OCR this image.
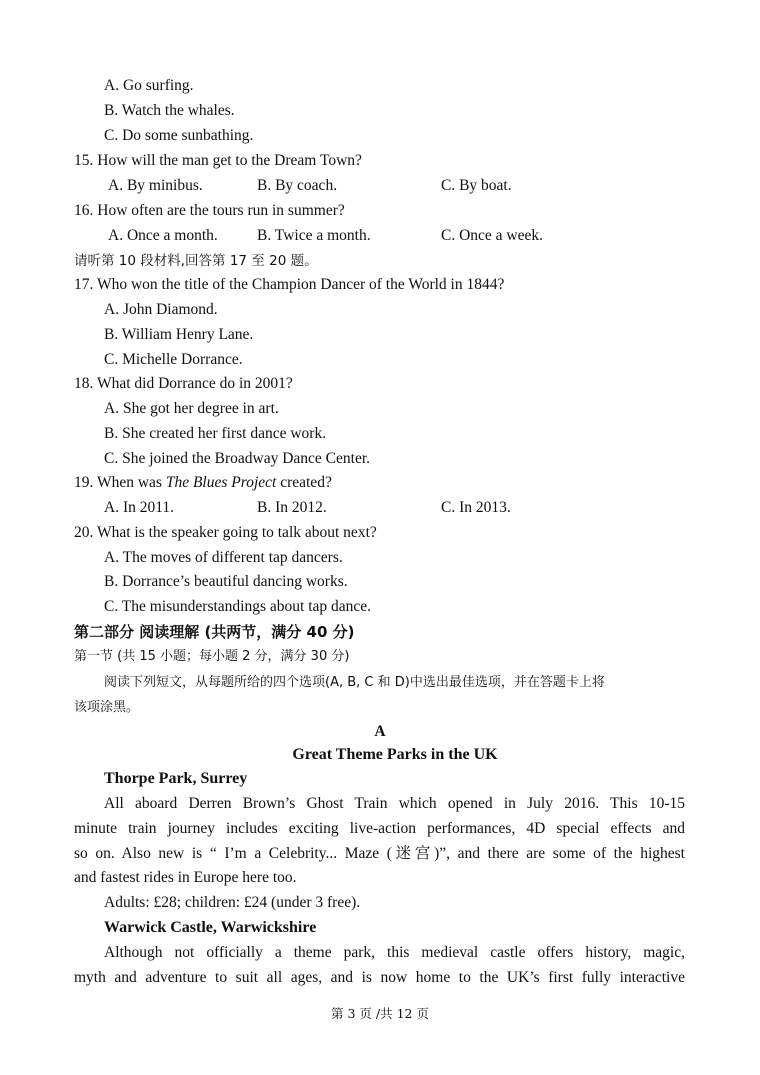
A. Go surfing.
B. Watch the whales.
C. Do some sunbathing.
15. How will the man get to the Dream Town?
A. By minibus.	B. By coach.	C. By boat.
16. How often are the tours run in summer?
A. Once a month.	B. Twice a month.	C. Once a week.
请听第 10 段材料,回答第 17 至 20 题。
17. Who won the title of the Champion Dancer of the World in 1844?
A. John Diamond.
B. William Henry Lane.
C. Michelle Dorrance.
18. What did Dorrance do in 2001?
A. She got her degree in art.
B. She created her first dance work.
C. She joined the Broadway Dance Center.
19. When was The Blues Project created?
A. In 2011.	B. In 2012.	C. In 2013.
20. What is the speaker going to talk about next?
A. The moves of different tap dancers.
B. Dorrance’s beautiful dancing works.
C. The misunderstandings about tap dance.
第二部分 阅读理解 (共两节，满分 40 分)
第一节 (共 15 小题；每小题 2 分，满分 30 分)
阅读下列短文，从每题所给的四个选项(A, B, C 和 D)中选出最佳选项，并在答题卡上将
该项涂黑。
A
Great Theme Parks in the UK
Thorpe Park, Surrey
All aboard Derren Brown’s Ghost Train which opened in July 2016. This 10-15
minute train journey includes exciting live-action performances, 4D special effects and
so on. Also new is “ I’m a Celebrity... Maze (迷宫)”, and there are some of the highest
and fastest rides in Europe here too.
Adults: £28; children: £24 (under 3 free).
Warwick Castle, Warwickshire
Although not officially a theme park, this medieval castle offers history, magic,
myth and adventure to suit all ages, and is now home to the UK’s first fully interactive
第 3 页 /共 12 页
